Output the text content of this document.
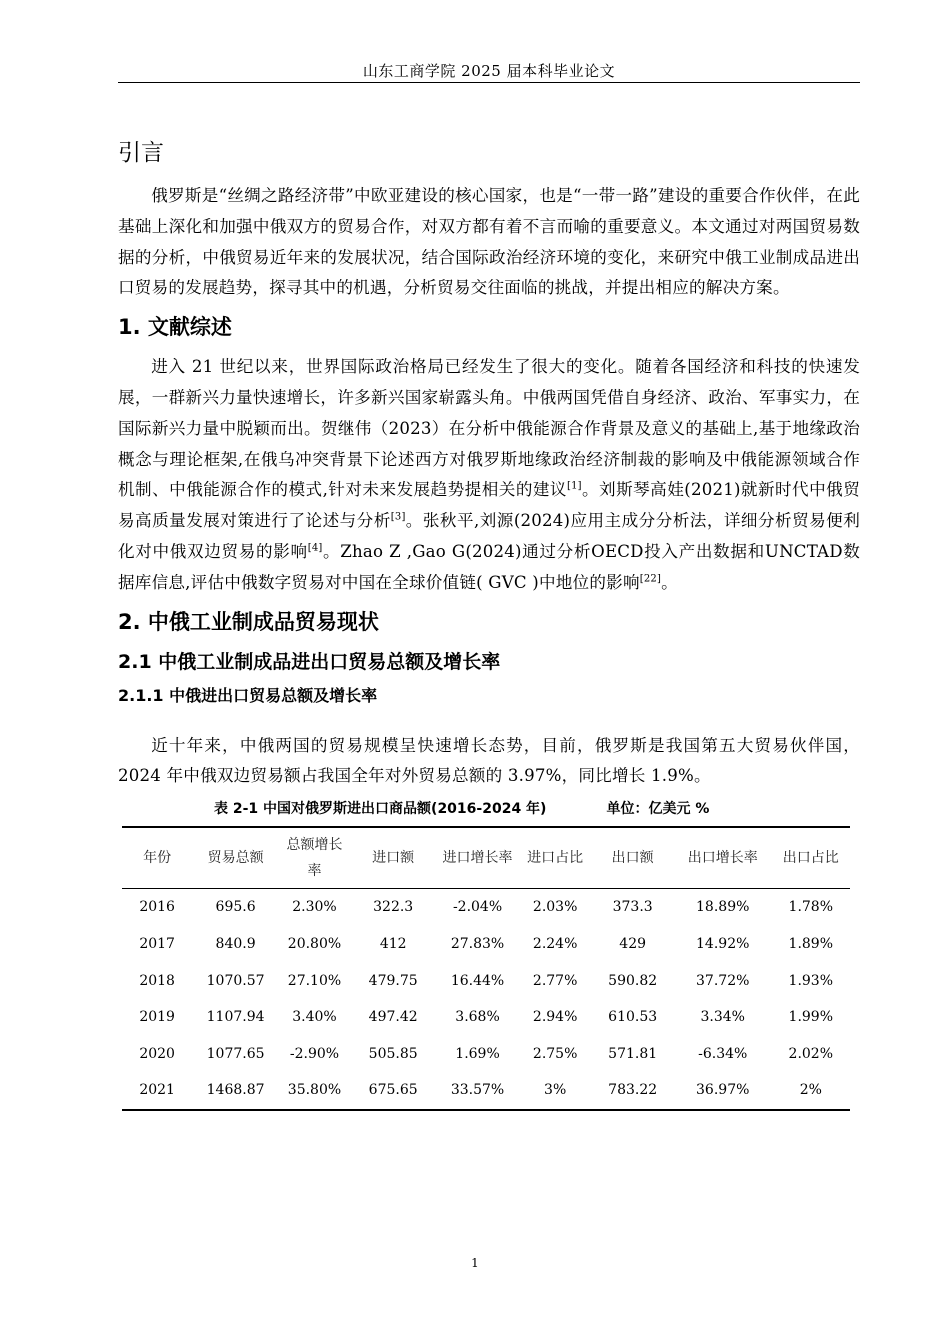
山东工商学院 2025 届本科毕业论文
引言

俄罗斯是“丝绸之路经济带”中欧亚建设的核心国家，也是“一带一路”建设的重要合作伙伴，在此基础上深化和加强中俄双方的贸易合作，对双方都有着不言而喻的重要意义。本文通过对两国贸易数据的分析，中俄贸易近年来的发展状况，结合国际政治经济环境的变化，来研究中俄工业制成品进出口贸易的发展趋势，探寻其中的机遇，分析贸易交往面临的挑战，并提出相应的解决方案。

1. 文献综述

进入 21 世纪以来，世界国际政治格局已经发生了很大的变化。随着各国经济和科技的快速发展，一群新兴力量快速增长，许多新兴国家崭露头角。中俄两国凭借自身经济、政治、军事实力，在国际新兴力量中脱颖而出。贺继伟（2023）在分析中俄能源合作背景及意义的基础上,基于地缘政治概念与理论框架,在俄乌冲突背景下论述西方对俄罗斯地缘政治经济制裁的影响及中俄能源领域合作机制、中俄能源合作的模式,针对未来发展趋势提相关的建议[1]。刘斯琴高娃(2021)就新时代中俄贸易高质量发展对策进行了论述与分析[3]。张秋平,刘源(2024)应用主成分分析法，详细分析贸易便利化对中俄双边贸易的影响[4]。Zhao Z ,Gao G(2024)通过分析OECD投入产出数据和UNCTAD数据库信息,评估中俄数字贸易对中国在全球价值链( GVC )中地位的影响[22]。

2. 中俄工业制成品贸易现状
2.1 中俄工业制成品进出口贸易总额及增长率
2.1.1 中俄进出口贸易总额及增长率

近十年来，中俄两国的贸易规模呈快速增长态势，目前，俄罗斯是我国第五大贸易伙伴国，2024 年中俄双边贸易额占我国全年对外贸易总额的 3.97%，同比增长 1.9%。

表 2-1 中国对俄罗斯进出口商品额(2016-2024 年)	单位：亿美元 %
年份	贸易总额	总额增长率	进口额	进口增长率	进口占比	出口额	出口增长率	出口占比
2016	695.6	2.30%	322.3	-2.04%	2.03%	373.3	18.89%	1.78%
2017	840.9	20.80%	412	27.83%	2.24%	429	14.92%	1.89%
2018	1070.57	27.10%	479.75	16.44%	2.77%	590.82	37.72%	1.93%
2019	1107.94	3.40%	497.42	3.68%	2.94%	610.53	3.34%	1.99%
2020	1077.65	-2.90%	505.85	1.69%	2.75%	571.81	-6.34%	2.02%
2021	1468.87	35.80%	675.65	33.57%	3%	783.22	36.97%	2%
1
